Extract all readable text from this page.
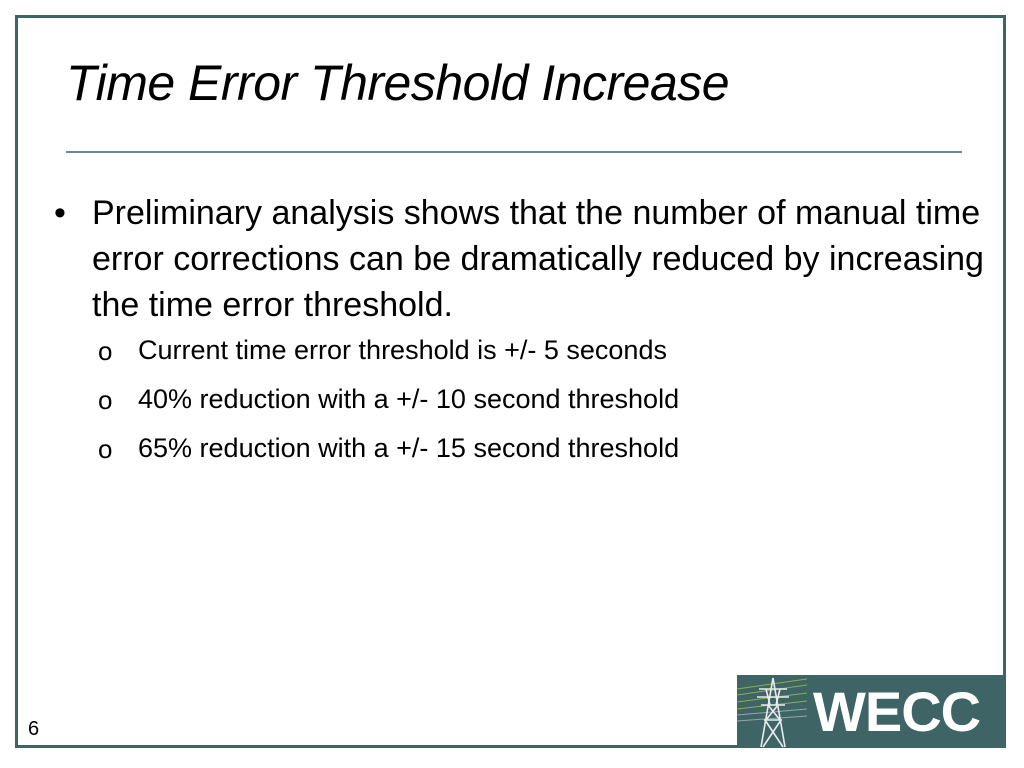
Time Error Threshold Increase
• Preliminary analysis shows that the number of manual time error corrections can be dramatically reduced by increasing the time error threshold.
o Current time error threshold is +/- 5 seconds
o 40% reduction with a +/- 10 second threshold
o 65% reduction with a +/- 15 second threshold
6	WECC
